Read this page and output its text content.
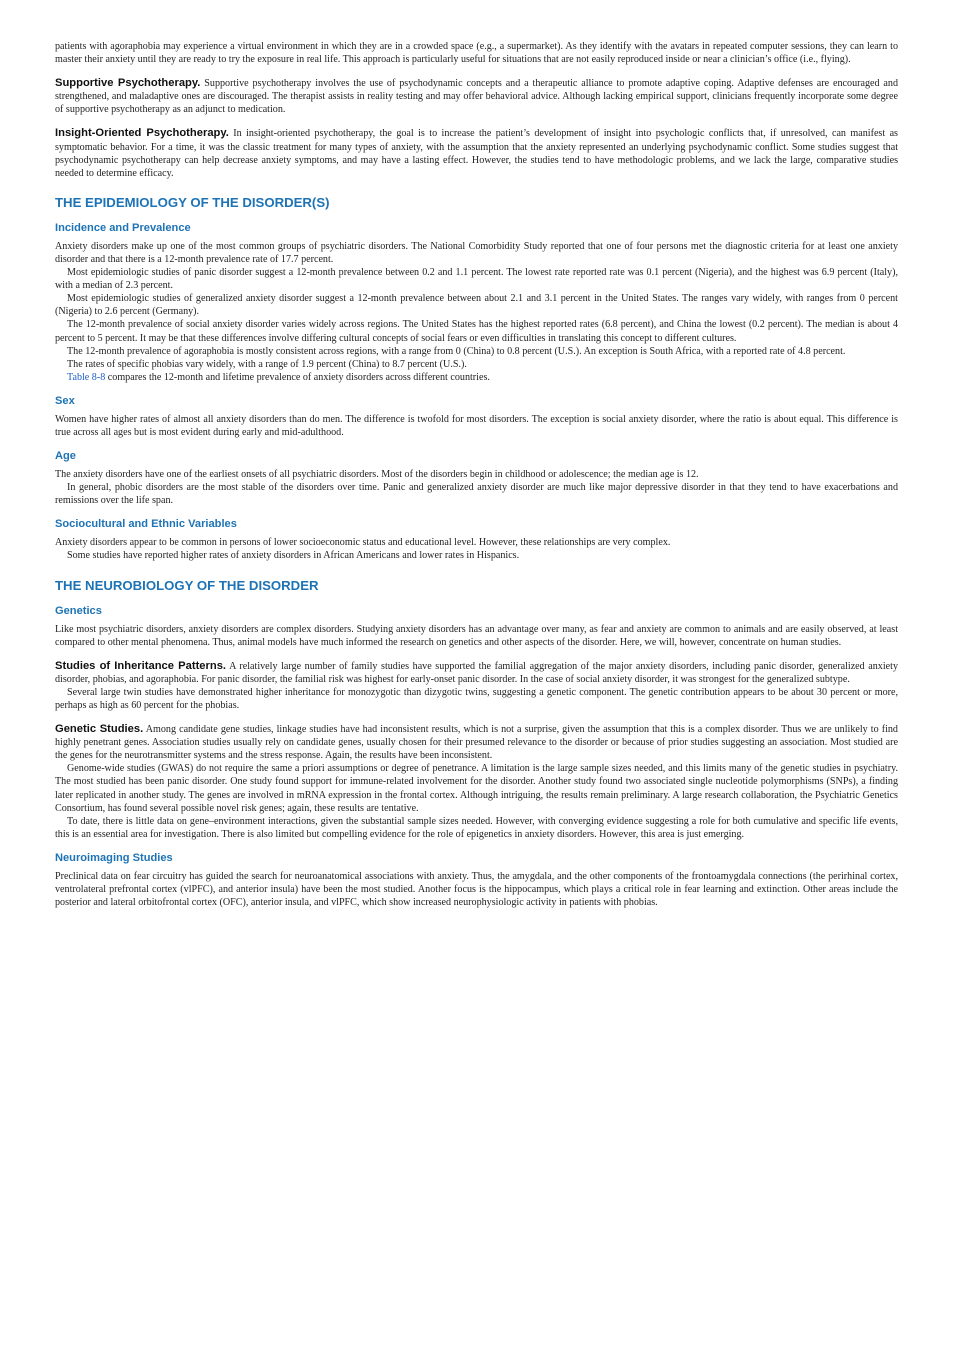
patients with agoraphobia may experience a virtual environment in which they are in a crowded space (e.g., a supermarket). As they identify with the avatars in repeated computer sessions, they can learn to master their anxiety until they are ready to try the exposure in real life. This approach is particularly useful for situations that are not easily reproduced inside or near a clinician’s office (i.e., flying).

Supportive Psychotherapy. Supportive psychotherapy involves the use of psychodynamic concepts and a therapeutic alliance to promote adaptive coping. Adaptive defenses are encouraged and strengthened, and maladaptive ones are discouraged. The therapist assists in reality testing and may offer behavioral advice. Although lacking empirical support, clinicians frequently incorporate some degree of supportive psychotherapy as an adjunct to medication.

Insight-Oriented Psychotherapy. In insight-oriented psychotherapy, the goal is to increase the patient’s development of insight into psychologic conflicts that, if unresolved, can manifest as symptomatic behavior. For a time, it was the classic treatment for many types of anxiety, with the assumption that the anxiety represented an underlying psychodynamic conflict. Some studies suggest that psychodynamic psychotherapy can help decrease anxiety symptoms, and may have a lasting effect. However, the studies tend to have methodologic problems, and we lack the large, comparative studies needed to determine efficacy.

THE EPIDEMIOLOGY OF THE DISORDER(S)
Incidence and Prevalence

Anxiety disorders make up one of the most common groups of psychiatric disorders. The National Comorbidity Study reported that one of four persons met the diagnostic criteria for at least one anxiety disorder and that there is a 12-month prevalence rate of 17.7 percent.

Most epidemiologic studies of panic disorder suggest a 12-month prevalence between 0.2 and 1.1 percent. The lowest rate reported rate was 0.1 percent (Nigeria), and the highest was 6.9 percent (Italy), with a median of 2.3 percent.

Most epidemiologic studies of generalized anxiety disorder suggest a 12-month prevalence between about 2.1 and 3.1 percent in the United States. The ranges vary widely, with ranges from 0 percent (Nigeria) to 2.6 percent (Germany).

The 12-month prevalence of social anxiety disorder varies widely across regions. The United States has the highest reported rates (6.8 percent), and China the lowest (0.2 percent). The median is about 4 percent to 5 percent. It may be that these differences involve differing cultural concepts of social fears or even difficulties in translating this concept to different cultures.

The 12-month prevalence of agoraphobia is mostly consistent across regions, with a range from 0 (China) to 0.8 percent (U.S.). An exception is South Africa, with a reported rate of 4.8 percent.

The rates of specific phobias vary widely, with a range of 1.9 percent (China) to 8.7 percent (U.S.).

Table 8-8 compares the 12-month and lifetime prevalence of anxiety disorders across different countries.

Sex

Women have higher rates of almost all anxiety disorders than do men. The difference is twofold for most disorders. The exception is social anxiety disorder, where the ratio is about equal. This difference is true across all ages but is most evident during early and mid-adulthood.

Age

The anxiety disorders have one of the earliest onsets of all psychiatric disorders. Most of the disorders begin in childhood or adolescence; the median age is 12.

In general, phobic disorders are the most stable of the disorders over time. Panic and generalized anxiety disorder are much like major depressive disorder in that they tend to have exacerbations and remissions over the life span.

Sociocultural and Ethnic Variables

Anxiety disorders appear to be common in persons of lower socioeconomic status and educational level. However, these relationships are very complex.

Some studies have reported higher rates of anxiety disorders in African Americans and lower rates in Hispanics.

THE NEUROBIOLOGY OF THE DISORDER
Genetics

Like most psychiatric disorders, anxiety disorders are complex disorders. Studying anxiety disorders has an advantage over many, as fear and anxiety are common to animals and are easily observed, at least compared to other mental phenomena. Thus, animal models have much informed the research on genetics and other aspects of the disorder. Here, we will, however, concentrate on human studies.

Studies of Inheritance Patterns. A relatively large number of family studies have supported the familial aggregation of the major anxiety disorders, including panic disorder, generalized anxiety disorder, phobias, and agoraphobia. For panic disorder, the familial risk was highest for early-onset panic disorder. In the case of social anxiety disorder, it was strongest for the generalized subtype.

Several large twin studies have demonstrated higher inheritance for monozygotic than dizygotic twins, suggesting a genetic component. The genetic contribution appears to be about 30 percent or more, perhaps as high as 60 percent for the phobias.

Genetic Studies. Among candidate gene studies, linkage studies have had inconsistent results, which is not a surprise, given the assumption that this is a complex disorder. Thus we are unlikely to find highly penetrant genes. Association studies usually rely on candidate genes, usually chosen for their presumed relevance to the disorder or because of prior studies suggesting an association. Most studied are the genes for the neurotransmitter systems and the stress response. Again, the results have been inconsistent.

Genome-wide studies (GWAS) do not require the same a priori assumptions or degree of penetrance. A limitation is the large sample sizes needed, and this limits many of the genetic studies in psychiatry. The most studied has been panic disorder. One study found support for immune-related involvement for the disorder. Another study found two associated single nucleotide polymorphisms (SNPs), a finding later replicated in another study. The genes are involved in mRNA expression in the frontal cortex. Although intriguing, the results remain preliminary. A large research collaboration, the Psychiatric Genetics Consortium, has found several possible novel risk genes; again, these results are tentative.

To date, there is little data on gene–environment interactions, given the substantial sample sizes needed. However, with converging evidence suggesting a role for both cumulative and specific life events, this is an essential area for investigation. There is also limited but compelling evidence for the role of epigenetics in anxiety disorders. However, this area is just emerging.

Neuroimaging Studies

Preclinical data on fear circuitry has guided the search for neuroanatomical associations with anxiety. Thus, the amygdala, and the other components of the frontoamygdala connections (the perirhinal cortex, ventrolateral prefrontal cortex (vlPFC), and anterior insula) have been the most studied. Another focus is the hippocampus, which plays a critical role in fear learning and extinction. Other areas include the posterior and lateral orbitofrontal cortex (OFC), anterior insula, and vlPFC, which show increased neurophysiologic activity in patients with phobias.
